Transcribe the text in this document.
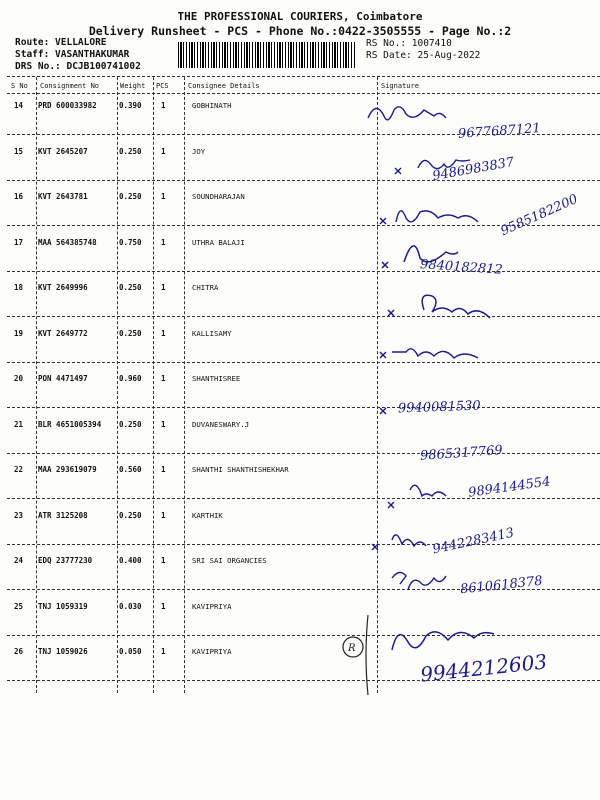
THE PROFESSIONAL COURIERS, Coimbatore
Delivery Runsheet - PCS - Phone No.:0422-3505555 - Page No.:2
Route: VELLALORE
Staff: VASANTHAKUMAR
DRS No.: DCJB100741002
RS No.: 1007410
RS Date: 25-Aug-2022
S No Consignment No	Weight PCS	Consignee Details	Signature
14 PRD 600033982	0.390	1	GOBHINATH
15 KVT 2645207	0.250	1	JOY
16 KVT 2643781	0.250	1	SOUNDHARAJAN
17 MAA 564385748	0.750	1	UTHRA BALAJI
18 KVT 2649996	0.250	1	CHITRA
19 KVT 2649772	0.250	1	KALLISAMY
20 PON 4471497	0.960	1	SHANTHISREE
21 BLR 4651005394 0.250	1	DUVANESWARY.J
22 MAA 293619079	0.560	1	SHANTHI SHANTHISHEKHAR
23 ATR 3125208	0.250	1	KARTHIK
24 EDQ 23777230	0.400	1	SRI SAI ORGANCIES
25 TNJ 1059319	0.030	1	KAVIPRIYA
26 TNJ 1059026	0.050	1	KAVIPRIYA	R
9677687121
9486983837
9585182200
9840182812
9940081530
9865317769
9894144554
9442283413
8610618378
9944212603
